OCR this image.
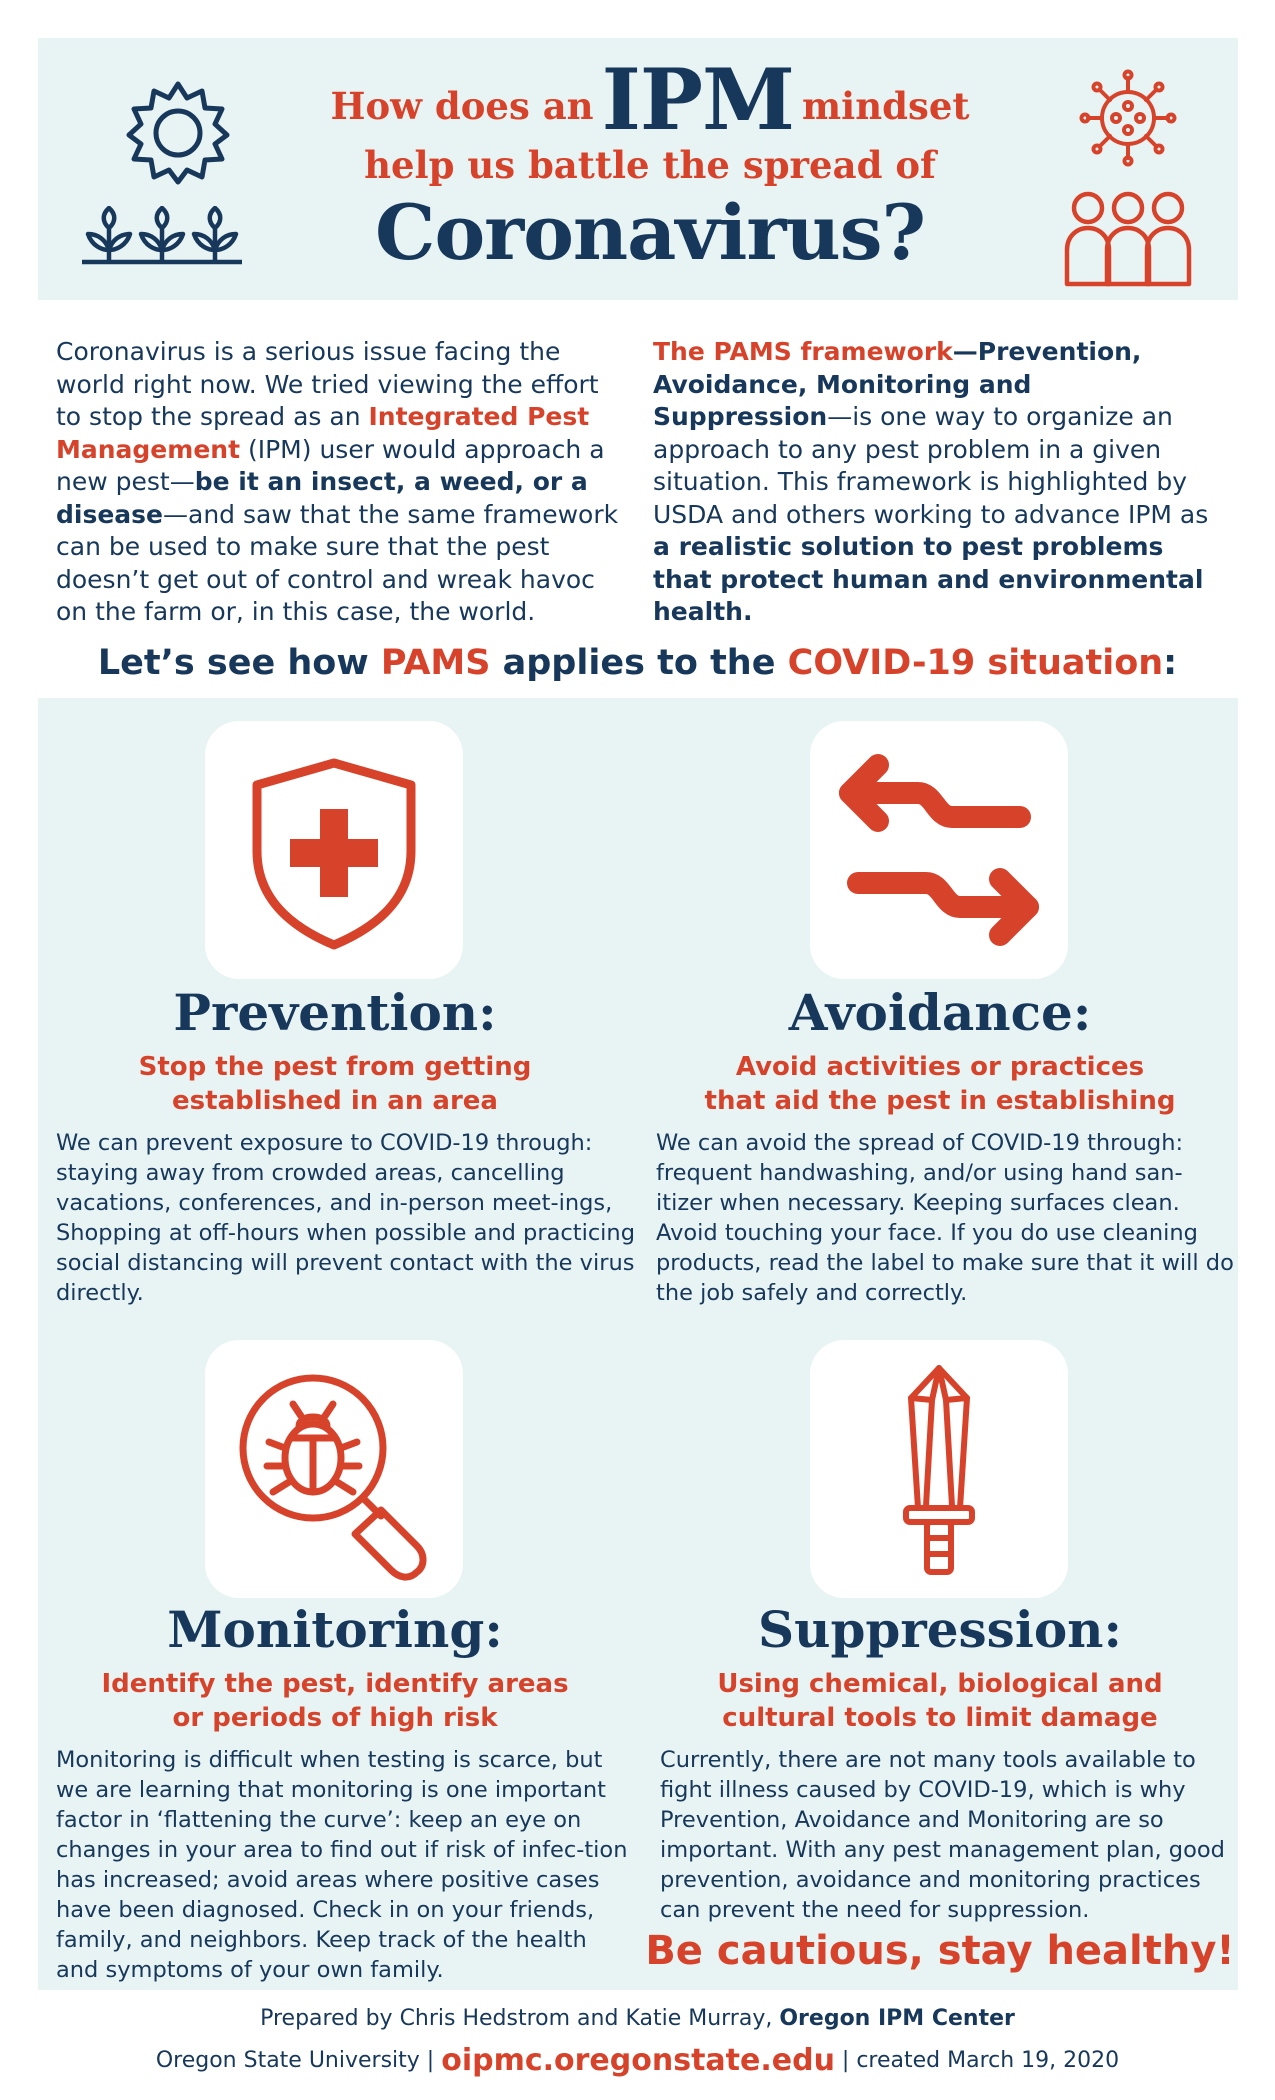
How does anIPM mindset
help us battle the spread of
Coronavirus?
Coronavirus is a serious issue facing the world right now. We tried viewing the effort to stop the spread as an Integrated Pest Management (IPM) user would approach a new pest—be it an insect, a weed, or a disease—and saw that the same framework can be used to make sure that the pest doesn’t get out of control and wreak havoc on the farm or, in this case, the world.
The PAMS framework—Prevention, Avoidance, Monitoring and Suppression—is one way to organize an approach to any pest problem in a given situation. This framework is highlighted by USDA and others working to advance IPM as a realistic solution to pest problems that protect human and environmental health.
Let’s see how PAMS applies to the COVID-19 situation:
Prevention:
Stop the pest from getting
established in an area
We can prevent exposure to COVID-19 through: staying away from crowded areas, cancelling vacations, conferences, and in-person meet-ings, Shopping at off-hours when possible and practicing social distancing will prevent contact with the virus directly.
Avoidance:
Avoid activities or practices
that aid the pest in establishing
We can avoid the spread of COVID-19 through: frequent handwashing, and/or using hand san-itizer when necessary. Keeping surfaces clean. Avoid touching your face. If you do use cleaning products, read the label to make sure that it will do the job safely and correctly.
Monitoring:
Identify the pest, identify areas
or periods of high risk
Monitoring is difficult when testing is scarce, but we are learning that monitoring is one important factor in ‘flattening the curve’: keep an eye on changes in your area to find out if risk of infec-tion has increased; avoid areas where positive cases have been diagnosed. Check in on your friends, family, and neighbors. Keep track of the health and symptoms of your own family.
Suppression:
Using chemical, biological and
cultural tools to limit damage
Currently, there are not many tools available to fight illness caused by COVID-19, which is why Prevention, Avoidance and Monitoring are so important. With any pest management plan, good prevention, avoidance and monitoring practices can prevent the need for suppression.
Be cautious, stay healthy!
Prepared by Chris Hedstrom and Katie Murray, Oregon IPM Center
Oregon State University | oipmc.oregonstate.edu | created March 19, 2020
